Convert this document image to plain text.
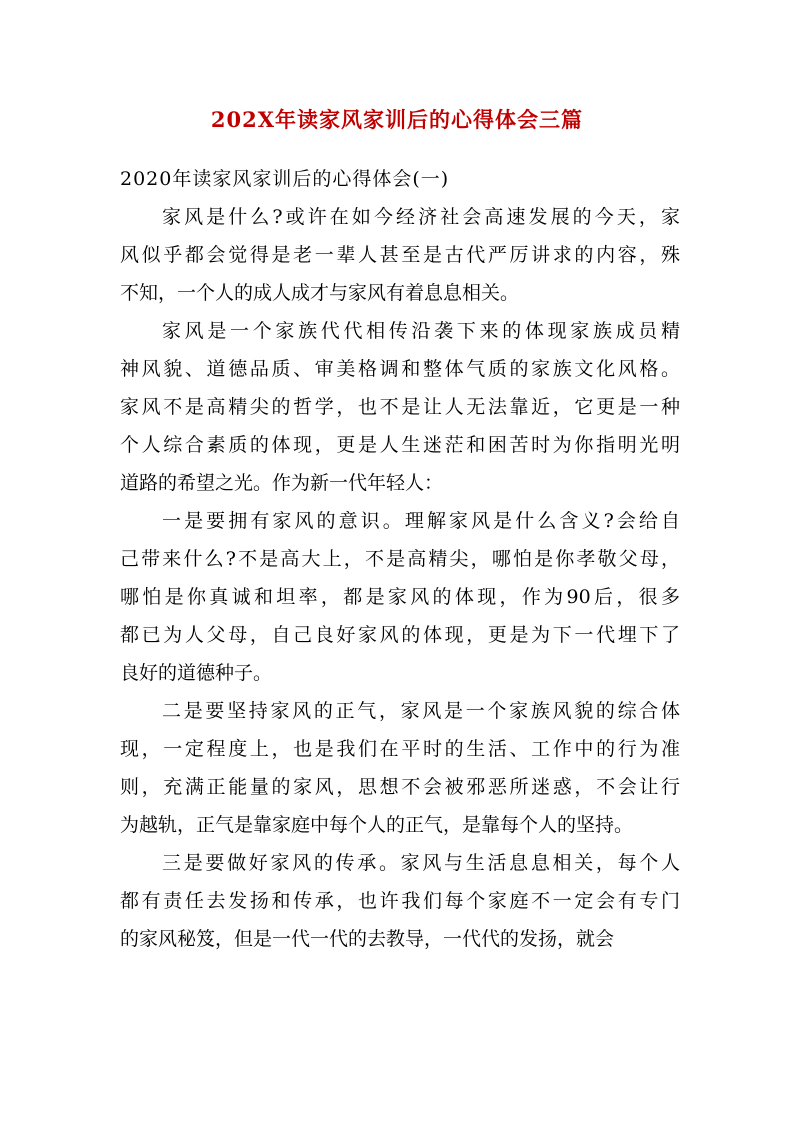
202X年读家风家训后的心得体会三篇

2020年读家风家训后的心得体会(一)

家风是什么?或许在如今经济社会高速发展的今天，家
风似乎都会觉得是老一辈人甚至是古代严厉讲求的内容，殊
不知，一个人的成人成才与家风有着息息相关。
家风是一个家族代代相传沿袭下来的体现家族成员精
神风貌、道德品质、审美格调和整体气质的家族文化风格。
家风不是高精尖的哲学，也不是让人无法靠近，它更是一种
个人综合素质的体现，更是人生迷茫和困苦时为你指明光明
道路的希望之光。作为新一代年轻人：
一是要拥有家风的意识。理解家风是什么含义?会给自
己带来什么?不是高大上，不是高精尖，哪怕是你孝敬父母，
哪怕是你真诚和坦率，都是家风的体现，作为90后，很多
都已为人父母，自己良好家风的体现，更是为下一代埋下了
良好的道德种子。
二是要坚持家风的正气，家风是一个家族风貌的综合体
现，一定程度上，也是我们在平时的生活、工作中的行为准
则，充满正能量的家风，思想不会被邪恶所迷惑，不会让行
为越轨，正气是靠家庭中每个人的正气，是靠每个人的坚持。
三是要做好家风的传承。家风与生活息息相关，每个人
都有责任去发扬和传承，也许我们每个家庭不一定会有专门
的家风秘笈，但是一代一代的去教导，一代代的发扬，就会
